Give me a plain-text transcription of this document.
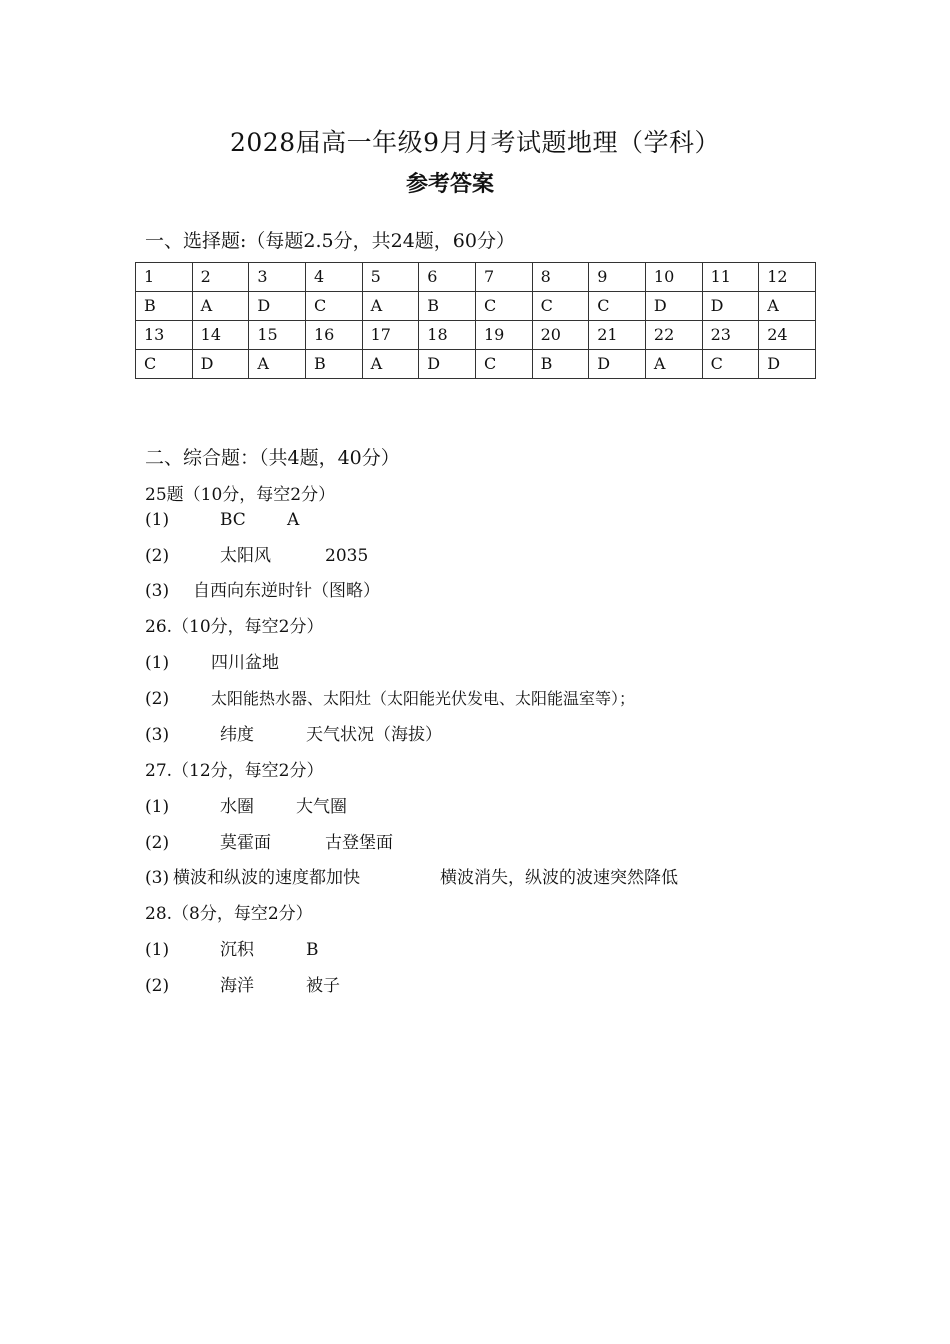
2028届高一年级9月月考试题地理（学科）
参考答案
一、选择题:（每题2.5分，共24题，60分）
1	2	3	4	5	6	7	8	9	10	11	12
B	A	D	C	A	B	C	C	C	D	D	A
13	14	15	16	17	18	19	20	21	22	23	24
C	D	A	B	A	D	C	B	D	A	C	D
二、综合题：（共4题，40分）
25题（10分，每空2分）
(1)	BC A
(2)	太阳风	2035
(3) 自西向东逆时针（图略）
26.（10分，每空2分）
(1) 四川盆地
(2)	太阳能热水器、太阳灶（太阳能光伏发电、太阳能温室等）；
(3)	纬度	天气状况（海拔）
27.（12分，每空2分）
(1)	水圈 大气圈
(2)	莫霍面	古登堡面
(3) 横波和纵波的速度都加快	横波消失，纵波的波速突然降低
28.（8分，每空2分）
(1)	沉积	B
(2)	海洋	被子
